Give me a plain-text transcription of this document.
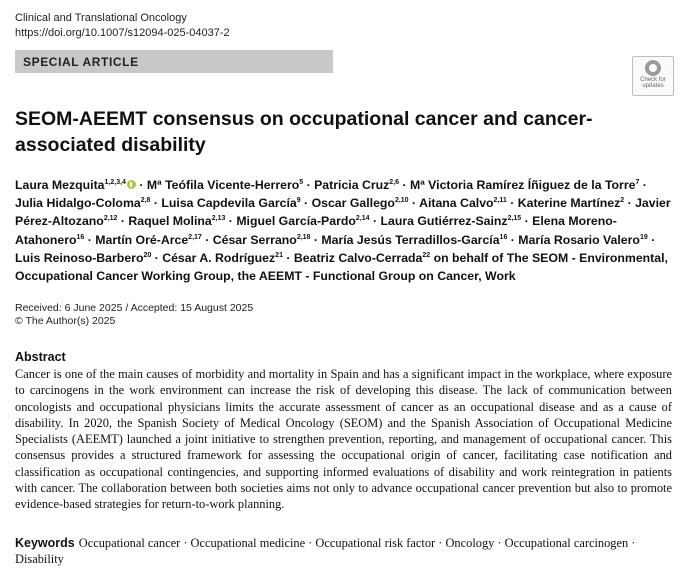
Clinical and Translational Oncology
https://doi.org/10.1007/s12094-025-04037-2
SPECIAL ARTICLE
Check for
updates
SEOM-AEEMT consensus on occupational cancer and cancer-associated disability
Laura Mezquita$^{1,2,3,4}$ · Mª Teófila Vicente-Herrero$^5$ · Patricia Cruz$^{2,6}$ · Mª Victoria Ramírez Íñiguez de la Torre$^7$ · Julia Hidalgo-Coloma$^{2,8}$ · Luisa Capdevila García$^9$ · Oscar Gallego$^{2,10}$ · Aitana Calvo$^{2,11}$ · Katerine Martínez$^2$ · Javier Pérez-Altozano$^{2,12}$ · Raquel Molina$^{2,13}$ · Miguel García-Pardo$^{2,14}$ · Laura Gutiérrez-Sainz$^{2,15}$ · Elena Moreno-Atahonero$^{16}$ · Martín Oré-Arce$^{2,17}$ · César Serrano$^{2,18}$ · María Jesús Terradillos-García$^{16}$ · María Rosario Valero$^{19}$ · Luis Reinoso-Barbero$^{20}$ · César A. Rodríguez$^{21}$ · Beatriz Calvo-Cerrada$^{22}$ on behalf of The SEOM - Environmental, Occupational Cancer Working Group, the AEEMT - Functional Group on Cancer, Work
Received: 6 June 2025 / Accepted: 15 August 2025
© The Author(s) 2025
Abstract
Cancer is one of the main causes of morbidity and mortality in Spain and has a significant impact in the workplace, where exposure to carcinogens in the work environment can increase the risk of developing this disease. The lack of communication between oncologists and occupational physicians limits the accurate assessment of cancer as an occupational disease and as a cause of disability. In 2020, the Spanish Society of Medical Oncology (SEOM) and the Spanish Association of Occupational Medicine Specialists (AEEMT) launched a joint initiative to strengthen prevention, reporting, and management of occupational cancer. This consensus provides a structured framework for assessing the occupational origin of cancer, facilitating case notification and classification as occupational contingencies, and supporting informed evaluations of disability and work reintegration in patients with cancer. The collaboration between both societies aims not only to advance occupational cancer prevention but also to promote evidence-based strategies for return-to-work planning.
Keywords Occupational cancer · Occupational medicine · Occupational risk factor · Oncology · Occupational carcinogen · Disability
